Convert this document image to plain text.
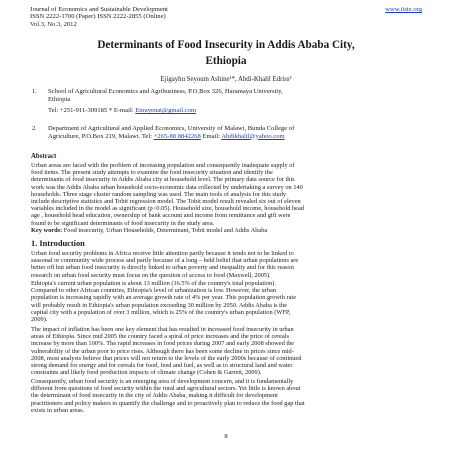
Journal of Economics and Sustainable Development
ISSN 2222-1700 (Paper) ISSN 2222-2855 (Online)
Vol.3, No.3, 2012
www.iiste.org
Determinants of Food Insecurity in Addis Ababa City,
Ethiopia
Ejigayhu Seyoum Ashine¹*, Abdi-Khalil Edriss²
1. School of Agricultural Economics and Agribusiness, P.O.Box 326, Haramaya University,
Ethiopia
Tel: +251-911-309185 * E-mail: Emuyenat@gmail.com
2. Department of Agricultural and Applied Economics, University of Malawi, Bunda College of
Agriculture, P.O.Box 219, Malawi. Tel: +265-88 8842268 Email: Abdikhalil@yahoo.com
Abstract
Urban areas are faced with the problem of increasing population and consequently inadequate supply of
food items. The present study attempts to examine the food insecurity situation and identify the
determinants of food insecurity in Addis Ababa city at household level. The primary data source for this
work was the Addis Ababa urban household socio-economic data collected by undertaking a survey on 140
households. Three stage cluster random sampling was used. The main tools of analysis for this study
include descriptive statistics and Tobit regression model. The Tobit model result revealed six out of eleven
variables included in the model as significant (p<0.05). Household size, household income, household head
age , household head education, ownership of bank account and income from remittance and gift were
found to be significant determinants of food insecurity in the study area.
Key words: Food insecurity, Urban Households, Determinant, Tobit model and Addis Ababa
1. Introduction
Urban food security problems in Africa receive little attention partly because it tends not to be linked to
seasonal or community wide process and partly because of a long – held belief that urban populations are
better off but urban food insecurity is directly linked to urban poverty and inequality and for this reason
research on urban food security must focus on the question of access to food (Maxwell, 2005).
Ethiopia's current urban population is about 13 million (16.5% of the country's total population).
Compared to other African countries, Ethiopia's level of urbanization is low. However, the urban
population is increasing rapidly with an average growth rate of 4% per year. This population growth rate
will probably result in Ethiopia's urban population exceeding 30 million by 2050. Addis Ababa is the
capital city with a population of over 3 million, which is 25% of the country's urban population (WFP,
2009).
The impact of inflation has been one key element that has resulted in increased food insecurity in urban
areas of Ethiopia. Since mid 2005 the country faced a spiral of price increases and the price of cereals
increase by more than 100%. The rapid increases in food prices during 2007 and early 2008 showed the
vulnerability of the urban poor to price rises. Although there has been some decline in prices since mid-
2008, most analysts believe that prices will not return to the levels of the early 2000s because of continued
strong demand for energy and for cereals for food, feed and fuel, as well as to structural land and water
constraints and likely food production impacts of climate change (Cohen & Garrett, 2009).
Consequently, urban food security is an emerging area of development concern, and it is fundamentally
different from questions of food security within the rural and agricultural sectors. Yet little is known about
the determinant of food insecurity in the city of Addis Ababa, making it difficult for development
practitioners and policy makers to quantify the challenge and to proactively plan to reduce the food gap that
exists in urban areas.
8
